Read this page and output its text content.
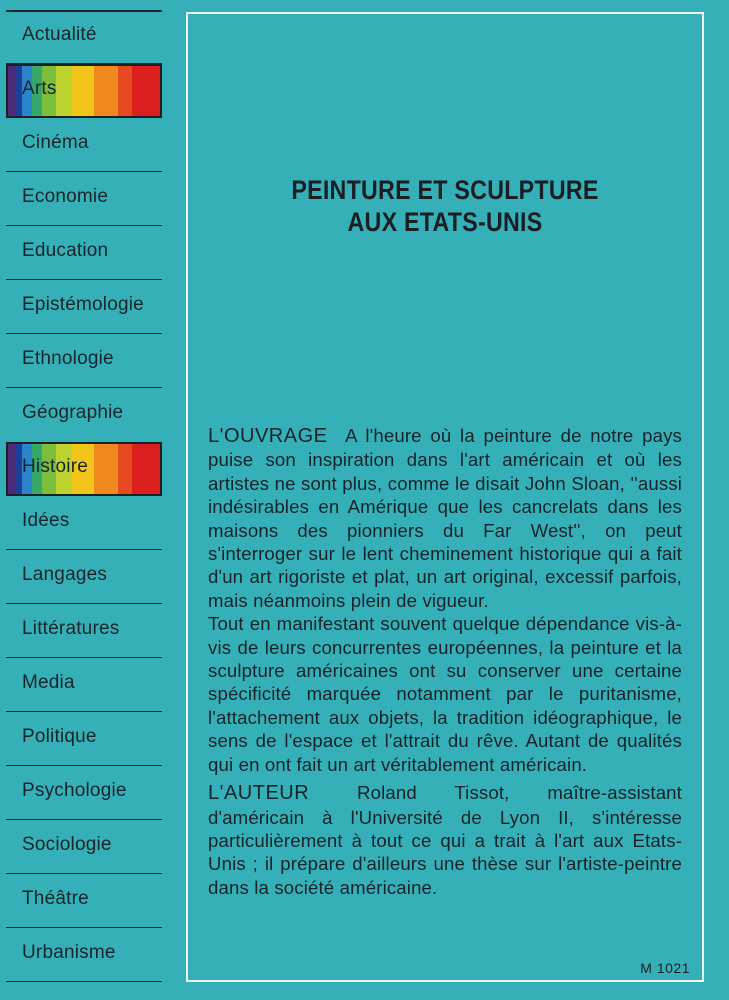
Actualité
Arts
Cinéma
Economie
Education
Epistémologie
Ethnologie
Géographie
Histoire
Idées
Langages
Littératures
Media
Politique
Psychologie
Sociologie
Théâtre
Urbanisme
PEINTURE ET SCULPTURE
AUX ETATS-UNIS

L'OUVRAGE A l'heure où la peinture de notre pays puise son inspiration dans l'art américain et où les artistes ne sont plus, comme le disait John Sloan, ''aussi indésirables en Amérique que les cancrelats dans les maisons des pionniers du Far West'', on peut s'interroger sur le lent cheminement historique qui a fait d'un art rigoriste et plat, un art original, excessif parfois, mais néanmoins plein de vigueur.

Tout en manifestant souvent quelque dépendance vis-à-vis de leurs concurrentes européennes, la peinture et la sculpture américaines ont su conserver une certaine spécificité marquée notamment par le puritanisme, l'attachement aux objets, la tradition idéographique, le sens de l'espace et l'attrait du rêve. Autant de qualités qui en ont fait un art véritablement américain.

L'AUTEUR	Roland Tissot, maître-assistant d'américain à l'Université de Lyon II, s'intéresse particulièrement à tout ce qui a trait à l'art aux Etats-Unis ; il prépare d'ailleurs une thèse sur l'artiste-peintre dans la société américaine.

M 1021
